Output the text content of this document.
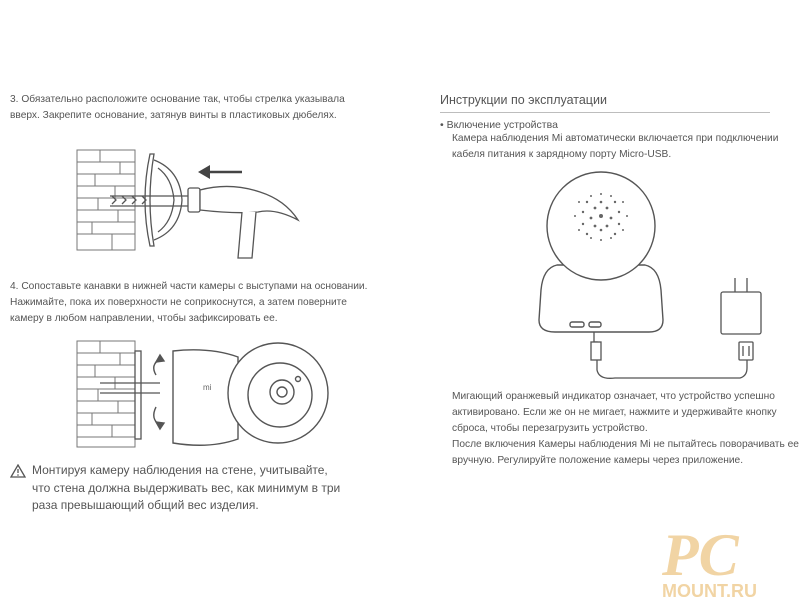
3. Обязательно расположите основание так, чтобы стрелка указывала
вверх. Закрепите основание, затянув винты в пластиковых дюбелях.
4. Сопоставьте канавки в нижней части камеры с выступами на основании.
Нажимайте, пока их поверхности не соприкоснутся, а затем поверните
камеру в любом направлении, чтобы зафиксировать ее.
mi
Монтируя камеру наблюдения на стене, учитывайте,
что стена должна выдерживать вес, как минимум в три
раза превышающий общий вес изделия.
Инструкции по эксплуатации
• Включение устройства
Камера наблюдения Mi автоматически включается при подключении
кабеля питания к зарядному порту Micro-USB.
Мигающий оранжевый индикатор означает, что устройство успешно
активировано. Если же он не мигает, нажмите и удерживайте кнопку
сброса, чтобы перезагрузить устройство.
После включения Камеры наблюдения Mi не пытайтесь поворачивать ее
вручную. Регулируйте положение камеры через приложение.
PC MOUNT.RU
